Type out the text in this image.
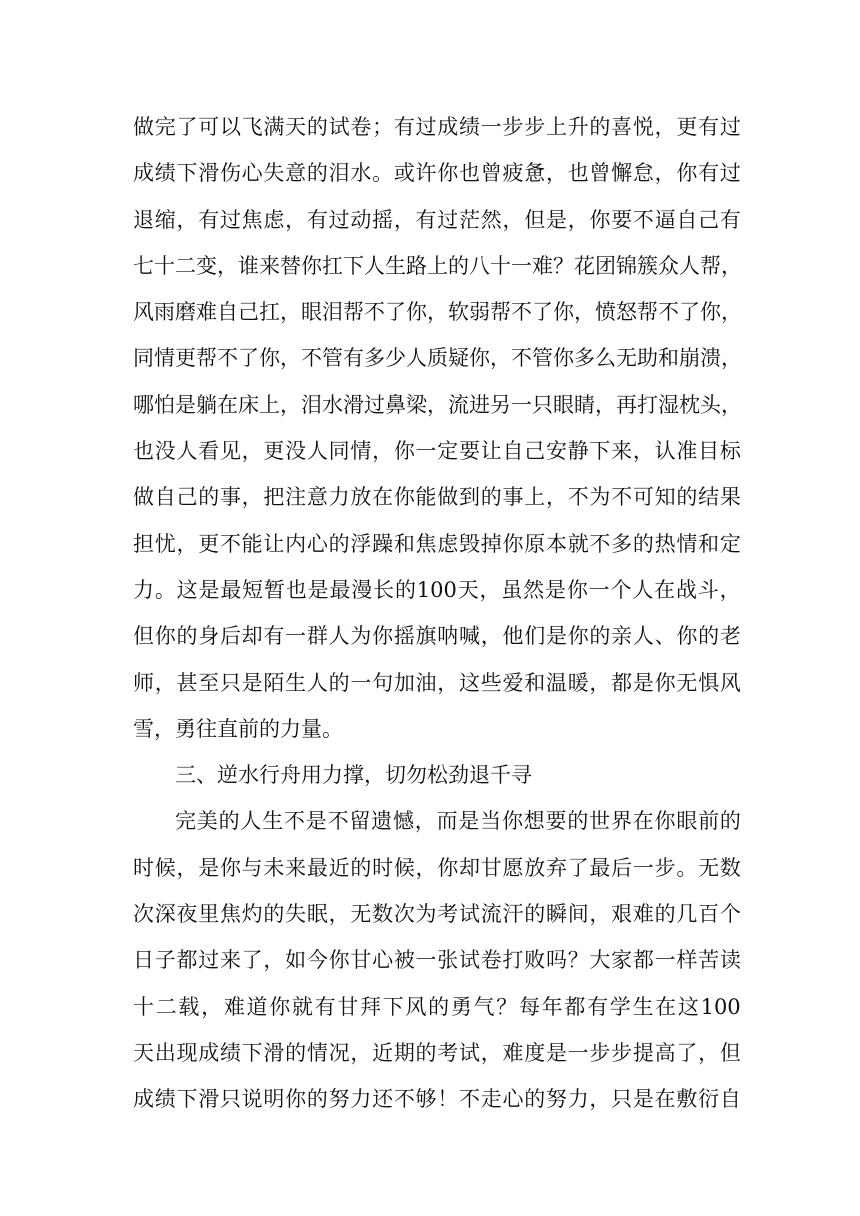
做 完 了 可 以 飞 满 天 的 试 卷 ； 有 过 成 绩 一 步 步 上 升 的 喜 悦 ， 更 有 过
成 绩 下 滑 伤 心 失 意 的 泪 水 。 或 许 你 也 曾 疲 惫 ， 也 曾 懈 怠 ， 你 有 过
退 缩 ， 有 过 焦 虑 ， 有 过 动 摇 ， 有 过 茫 然 ， 但 是 ， 你 要 不 逼 自 己 有
七 十 二 变 ， 谁 来 替 你 扛 下 人 生 路 上 的 八 十 一 难 ？ 花 团 锦 簇 众 人 帮 ，
风 雨 磨 难 自 己 扛 ， 眼 泪 帮 不 了 你 ， 软 弱 帮 不 了 你 ， 愤 怒 帮 不 了 你 ，
同 情 更 帮 不 了 你 ， 不 管 有 多 少 人 质 疑 你 ， 不 管 你 多 么 无 助 和 崩 溃 ，
哪 怕 是 躺 在 床 上 ， 泪 水 滑 过 鼻 梁 ， 流 进 另 一 只 眼 睛 ， 再 打 湿 枕 头 ，
也 没 人 看 见 ， 更 没 人 同 情 ， 你 一 定 要 让 自 己 安 静 下 来 ， 认 准 目 标
做 自 己 的 事 ， 把 注 意 力 放 在 你 能 做 到 的 事 上 ， 不 为 不 可 知 的 结 果
担 忧 ， 更 不 能 让 内 心 的 浮 躁 和 焦 虑 毁 掉 你 原 本 就 不 多 的 热 情 和 定
力 。 这 是 最 短 暂 也 是 最 漫 长 的 100 天 ， 虽 然 是 你 一 个 人 在 战 斗 ，
但 你 的 身 后 却 有 一 群 人 为 你 摇 旗 呐 喊 ， 他 们 是 你 的 亲 人 、 你 的 老
师 ， 甚 至 只 是 陌 生 人 的 一 句 加 油 ， 这 些 爱 和 温 暖 ， 都 是 你 无 惧 风
雪，勇往直前的力量。
三、逆水行舟用力撑，切勿松劲退千寻
完 美 的 人 生 不 是 不 留 遗 憾 ， 而 是 当 你 想 要 的 世 界 在 你 眼 前 的
时 候 ， 是 你 与 未 来 最 近 的 时 候 ， 你 却 甘 愿 放 弃 了 最 后 一 步 。 无 数
次 深 夜 里 焦 灼 的 失 眠 ， 无 数 次 为 考 试 流 汗 的 瞬 间 ， 艰 难 的 几 百 个
日 子 都 过 来 了 ， 如 今 你 甘 心 被 一 张 试 卷 打 败 吗 ？ 大 家 都 一 样 苦 读
十 二 载 ， 难 道 你 就 有 甘 拜 下 风 的 勇 气 ？ 每 年 都 有 学 生 在 这 100
天 出 现 成 绩 下 滑 的 情 况 ， 近 期 的 考 试 ， 难 度 是 一 步 步 提 高 了 ， 但
成 绩 下 滑 只 说 明 你 的 努 力 还 不 够 ！ 不 走 心 的 努 力 ， 只 是 在 敷 衍 自
